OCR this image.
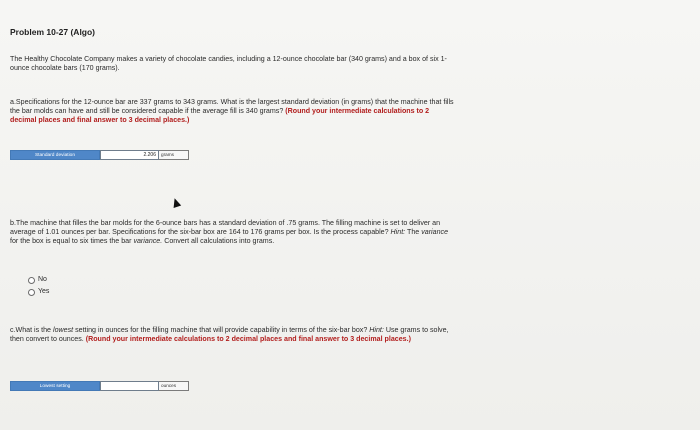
Problem 10-27 (Algo)
The Healthy Chocolate Company makes a variety of chocolate candies, including a 12-ounce chocolate bar (340 grams) and a box of six 1-ounce chocolate bars (170 grams).
a.Specifications for the 12-ounce bar are 337 grams to 343 grams. What is the largest standard deviation (in grams) that the machine that fills the bar molds can have and still be considered capable if the average fill is 340 grams? (Round your intermediate calculations to 2 decimal places and final answer to 3 decimal places.)
Standard deviation
2.206	grams
b.The machine that filles the bar molds for the 6-ounce bars has a standard deviation of .75 grams. The filling machine is set to deliver an average of 1.01 ounces per bar. Specifications for the six-bar box are 164 to 176 grams per box. Is the process capable? Hint: The variance for the box is equal to six times the bar variance. Convert all calculations into grams.
No
Yes
c.What is the lowest setting in ounces for the filling machine that will provide capability in terms of the six-bar box? Hint: Use grams to solve, then convert to ounces. (Round your intermediate calculations to 2 decimal places and final answer to 3 decimal places.)
Lowest setting	ounces
